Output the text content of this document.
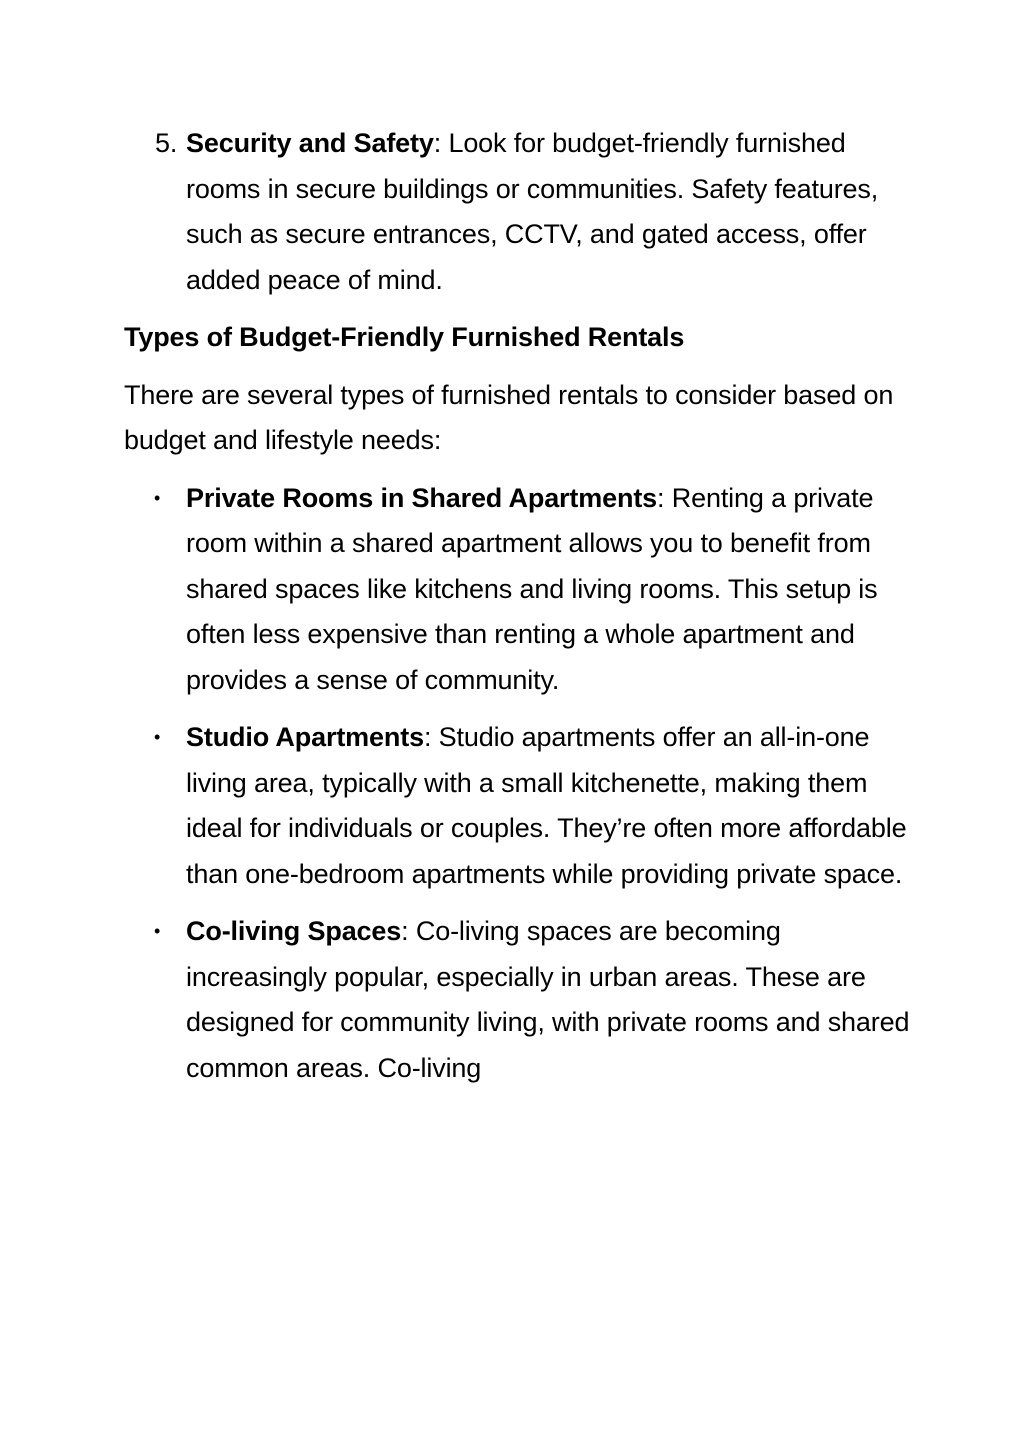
5. Security and Safety: Look for budget-friendly furnished rooms in secure buildings or communities. Safety features, such as secure entrances, CCTV, and gated access, offer added peace of mind.
Types of Budget-Friendly Furnished Rentals
There are several types of furnished rentals to consider based on budget and lifestyle needs:
• Private Rooms in Shared Apartments: Renting a private room within a shared apartment allows you to benefit from shared spaces like kitchens and living rooms. This setup is often less expensive than renting a whole apartment and provides a sense of community.
• Studio Apartments: Studio apartments offer an all-in-one living area, typically with a small kitchenette, making them ideal for individuals or couples. They’re often more affordable than one-bedroom apartments while providing private space.
• Co-living Spaces: Co-living spaces are becoming increasingly popular, especially in urban areas. These are designed for community living, with private rooms and shared common areas. Co-living
